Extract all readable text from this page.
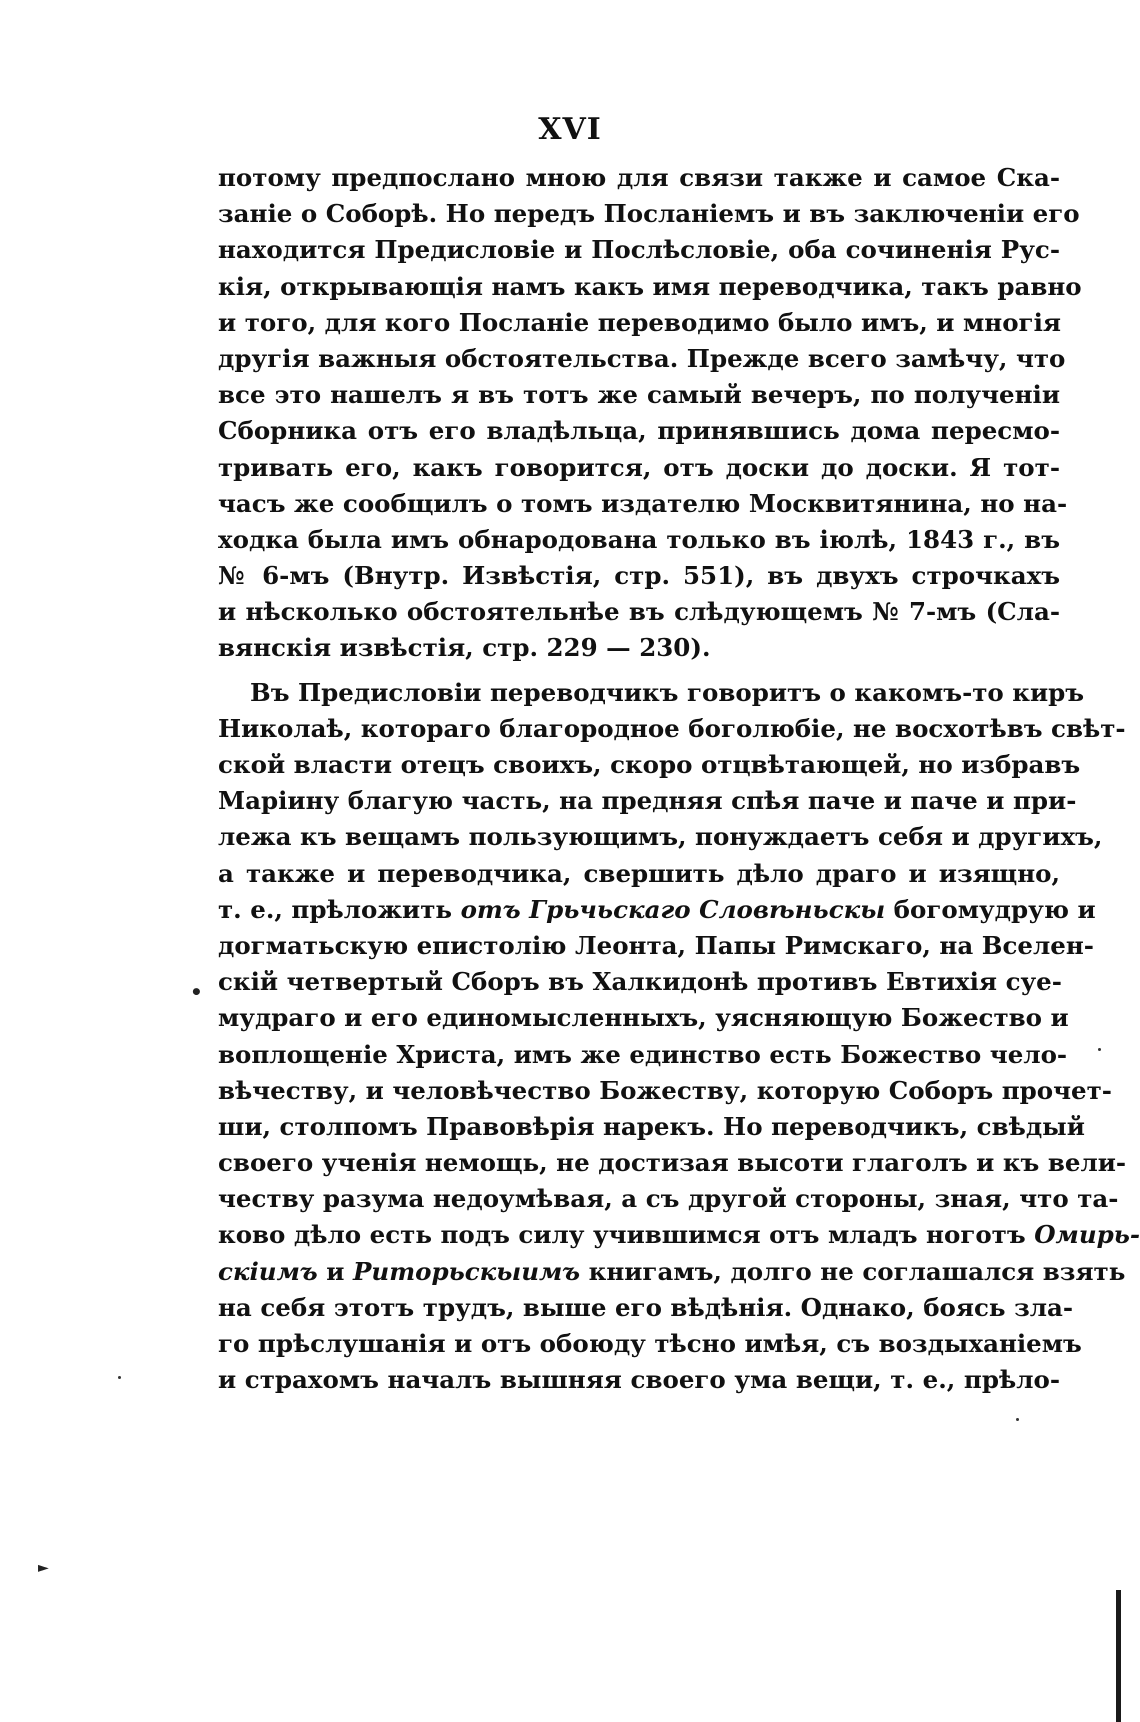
XVI
потому предпослано мною для связи также и самое Ска-
заніе о Соборѣ. Но передъ Посланіемъ и въ заключеніи его
находится Предисловіе и Послѣсловіе, оба сочиненія Рус-
кія, открывающія намъ какъ имя переводчика, такъ равно
и того, для кого Посланіе переводимо было имъ, и многія
другія важныя обстоятельства. Прежде всего замѣчу, что
все это нашелъ я въ тотъ же самый вечеръ, по полученіи
Сборника отъ его владѣльца, принявшись дома пересмо-
тривать его, какъ говорится, отъ доски до доски. Я тот-
часъ же сообщилъ о томъ издателю Москвитянина, но на-
ходка была имъ обнародована только въ іюлѣ, 1843 г., въ
№ 6-мъ (Внутр. Извѣстія, стр. 551), въ двухъ строчкахъ
и нѣсколько обстоятельнѣе въ слѣдующемъ № 7-мъ (Сла-
вянскія извѣстія, стр. 229 — 230).
Въ Предисловіи переводчикъ говоритъ о какомъ-то киръ
Николаѣ, котораго благородное боголюбіе, не восхотѣвъ свѣт-
ской власти отецъ своихъ, скоро отцвѣтающей, но избравъ
Маріину благую часть, на предняя спѣя паче и паче и при-
лежа къ вещамъ пользующимъ, понуждаетъ себя и другихъ,
а также и переводчика, свершить дѣло драго и изящно,
т. е., прѣложить отъ Грьчьскаго Словѣньскы богомудрую и
догматьскую епистолію Леонта, Папы Римскаго, на Вселен-
скій четвертый Сборъ въ Халкидонѣ противъ Евтихія суе-
мудраго и его единомысленныхъ, уясняющую Божество и
воплощеніе Христа, имъ же единство есть Божество чело-
вѣчеству, и человѣчество Божеству, которую Соборъ прочет-
ши, столпомъ Правовѣрія нарекъ. Но переводчикъ, свѣдый
своего ученія немощь, не достизая высоти глаголъ и къ вели-
честву разума недоумѣвая, а съ другой стороны, зная, что та-
ково дѣло есть подъ силу учившимся отъ младъ ноготъ Омирь-
скіимъ и Риторьскыимъ книгамъ, долго не соглашался взять
на себя этотъ трудъ, выше его вѣдѣнія. Однако, боясь зла-
го прѣслушанія и отъ обоюду тѣсно имѣя, съ воздыханіемъ
и страхомъ началъ вышняя своего ума вещи, т. е., прѣло-
•
►
